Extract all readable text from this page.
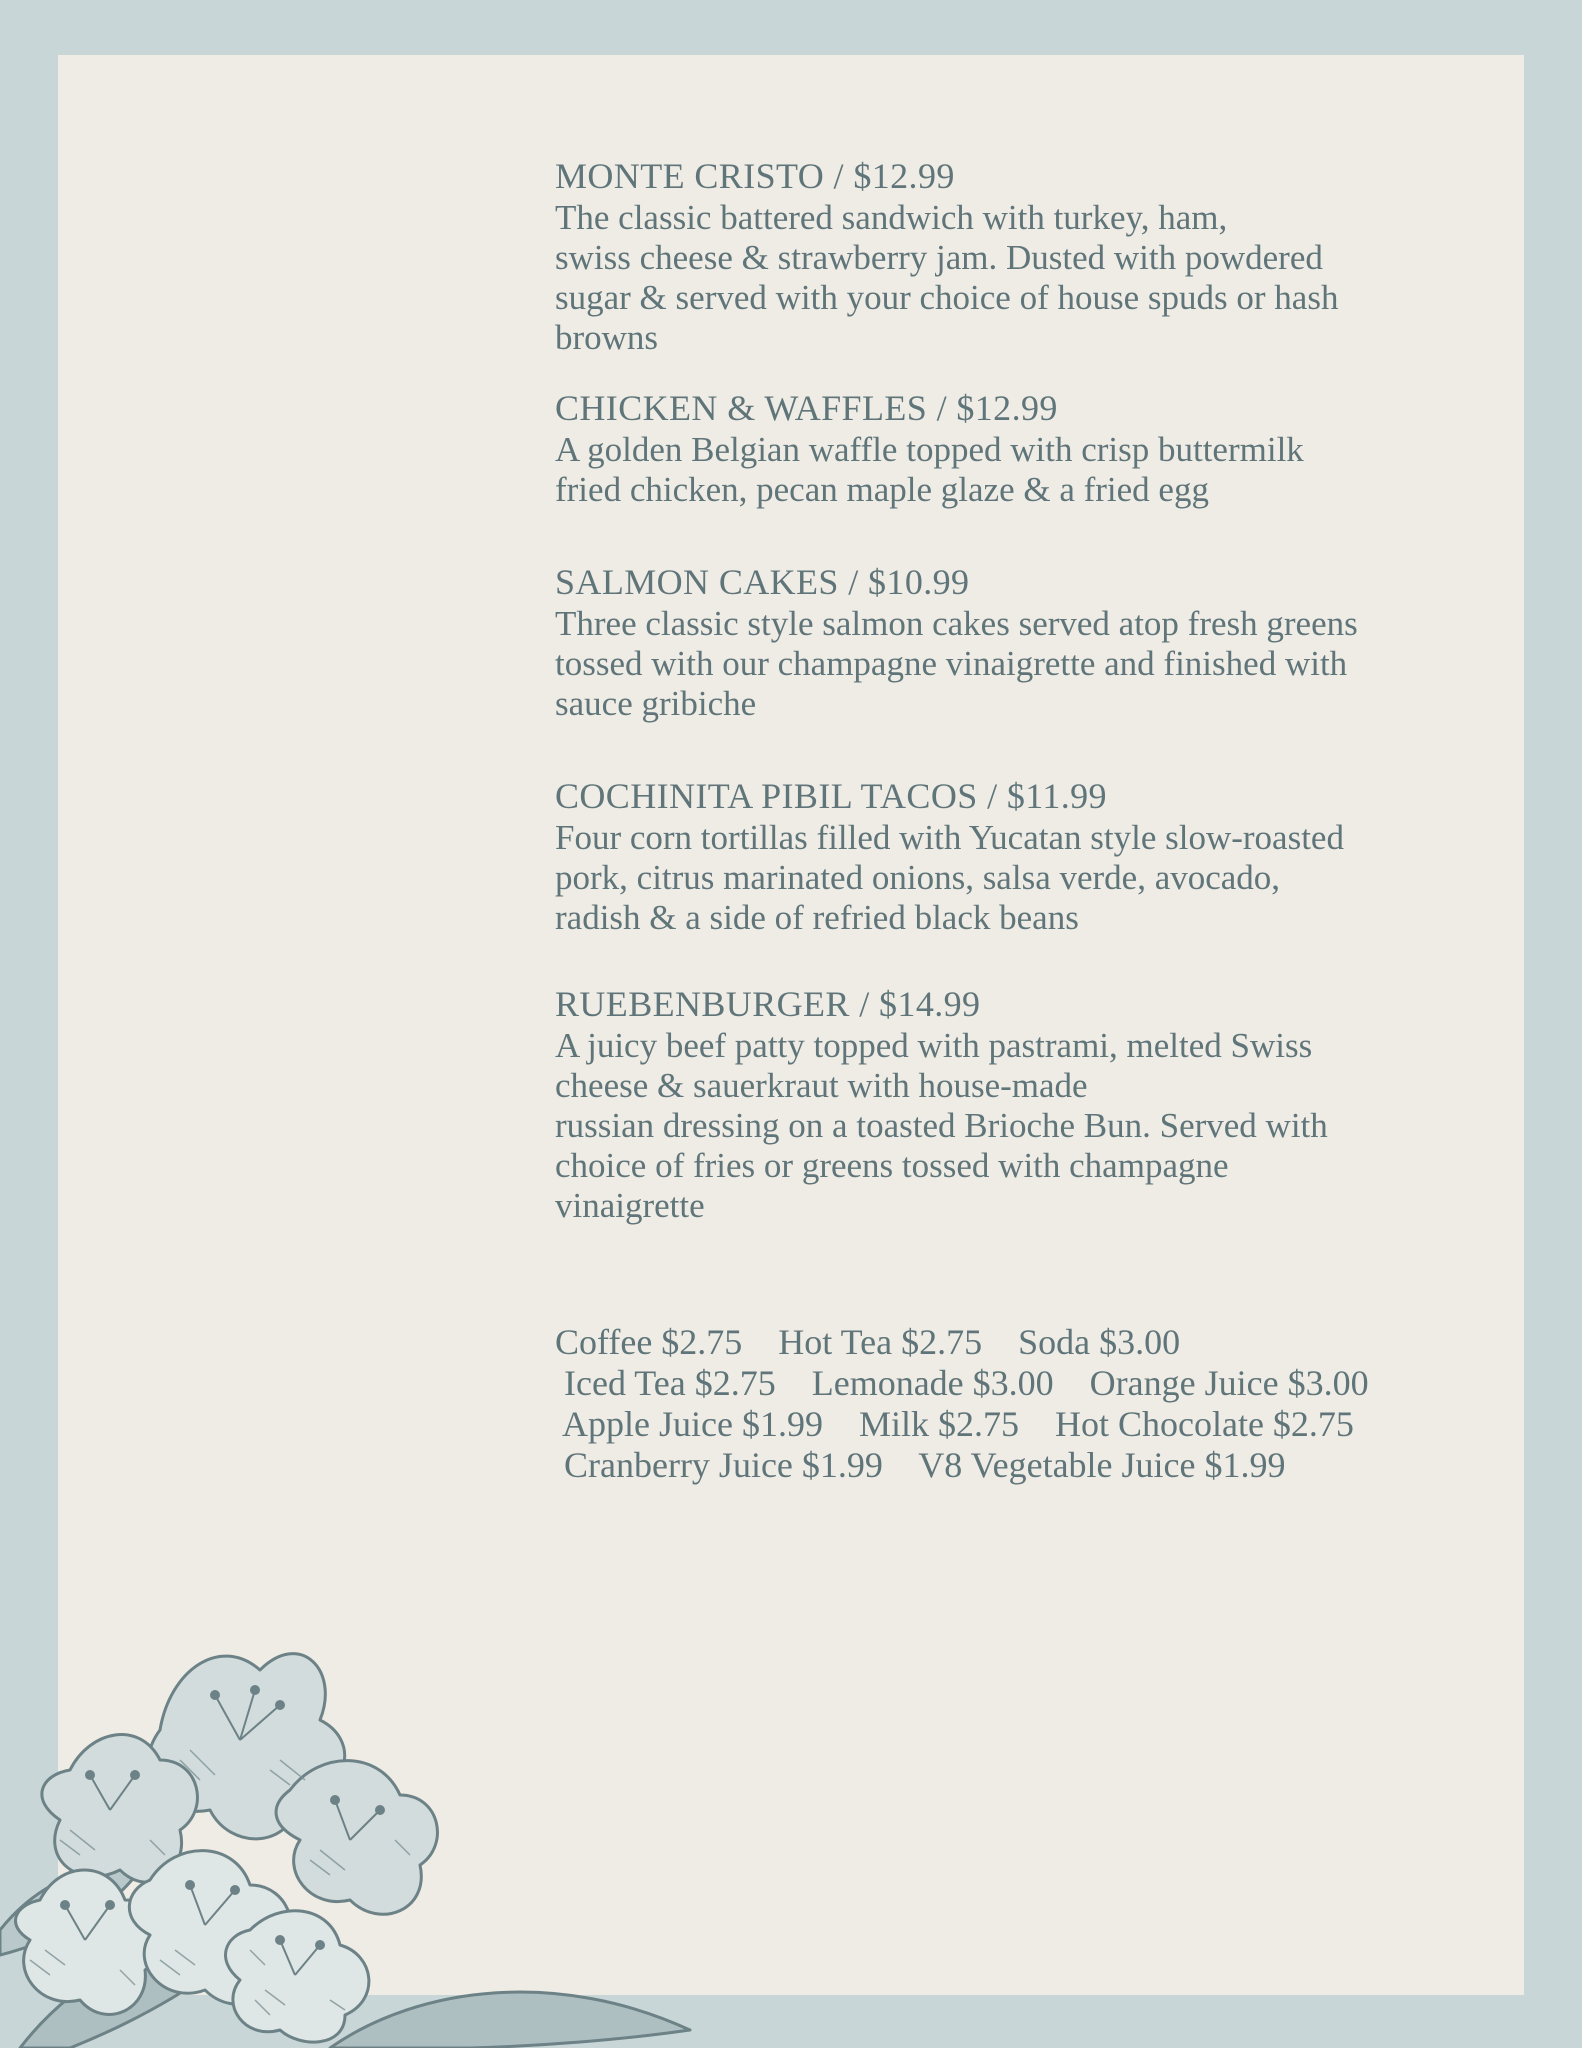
MONTE CRISTO / $12.99

The classic battered sandwich with turkey, ham,
swiss cheese & strawberry jam. Dusted with powdered
sugar & served with your choice of house spuds or hash
browns

CHICKEN & WAFFLES / $12.99

A golden Belgian waffle topped with crisp buttermilk
fried chicken, pecan maple glaze & a fried egg

SALMON CAKES / $10.99

Three classic style salmon cakes served atop fresh greens
tossed with our champagne vinaigrette and finished with
sauce gribiche

COCHINITA PIBIL TACOS / $11.99

Four corn tortillas filled with Yucatan style slow-roasted
pork, citrus marinated onions, salsa verde, avocado,
radish & a side of refried black beans

RUEBENBURGER / $14.99

A juicy beef patty topped with pastrami, melted Swiss
cheese & sauerkraut with house-made
russian dressing on a toasted Brioche Bun. Served with
choice of fries or greens tossed with champagne
vinaigrette

Coffee $2.75    Hot Tea $2.75    Soda $3.00
Iced Tea $2.75    Lemonade $3.00    Orange Juice $3.00
Apple Juice $1.99    Milk $2.75    Hot Chocolate $2.75
Cranberry Juice $1.99    V8 Vegetable Juice $1.99
